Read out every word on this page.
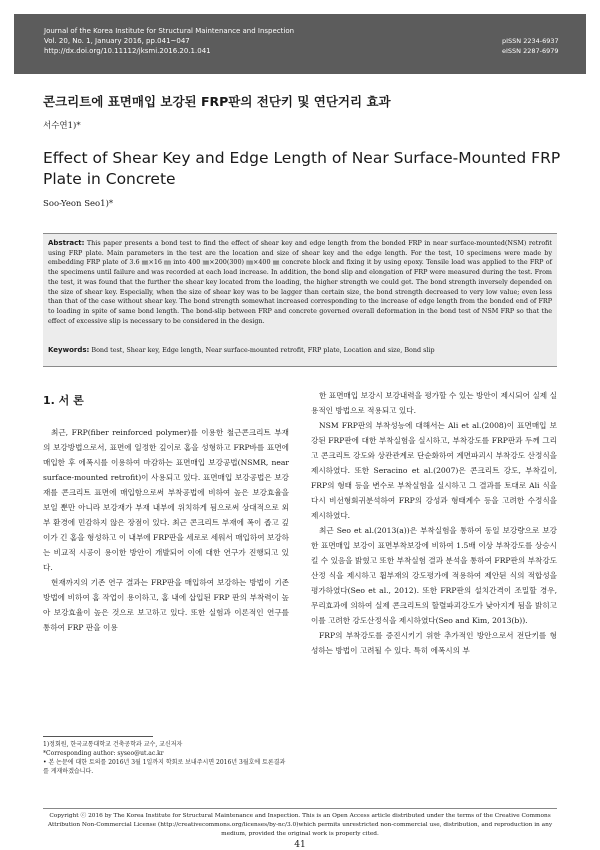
Journal of the Korea Institute for Structural Maintenance and Inspection
Vol. 20, No. 1, January 2016, pp.041~047
http://dx.doi.org/10.11112/jksmi.2016.20.1.041
pISSN 2234-6937
eISSN 2287-6979
콘크리트에 표면매입 보강된 FRP판의 전단키 및 연단거리 효과
서수연1)*
Effect of Shear Key and Edge Length of Near Surface-Mounted FRP Plate in Concrete
Soo-Yeon Seo1)*
Abstract: This paper presents a bond test to find the effect of shear key and edge length from the bonded FRP in near surface-mounted(NSM) retrofit using FRP plate. Main parameters in the test are the location and size of shear key and the edge length. For the test, 10 specimens were made by embedding FRP plate of 3.6 ㎜×16 ㎜ into 400 ㎜×200(300) ㎜×400 ㎜ concrete block and fixing it by using epoxy. Tensile load was applied to the FRP of the specimens until failure and was recorded at each load increase. In addition, the bond slip and elongation of FRP were measured during the test. From the test, it was found that the further the shear key located from the loading, the higher strength we could get. The bond strength inversely depended on the size of shear key. Especially, when the size of shear key was to be lagger than certain size, the bond strength decreased to very low value; even less than that of the case without shear key. The bond strength somewhat increased corresponding to the increase of edge length from the bonded end of FRP to loading in spite of same bond length. The bond-slip between FRP and concrete governed overall deformation in the bond test of NSM FRP so that the effect of excessive slip is necessary to be considered in the design.
Keywords: Bond test, Shear key, Edge length, Near surface-mounted retrofit, FRP plate, Location and size, Bond slip
1. 서 론

최근, FRP(fiber reinforced polymer)를 이용한 철근콘크리트 부재의 보강방법으로서, 표면에 일정한 깊이로 홈을 성형하고 FRP바를 표면에 매입한 후 에폭시를 이용하여 마감하는 표면매입 보강공법(NSMR, near surface-mounted retrofit)이 사용되고 있다. 표면매입 보강공법은 보강재를 콘크리트 표면에 매입함으로써 부착공법에 비하여 높은 보강효율을 보일 뿐만 아니라 보강재가 부재 내부에 위치하게 됨으로써 상대적으로 외부 환경에 민감하지 않은 장점이 있다. 최근 콘크리트 부재에 폭이 좁고 깊이가 긴 홈을 형성하고 이 내부에 FRP판을 세로로 세워서 매입하여 보강하는 비교적 시공이 용이한 방안이 개발되어 이에 대한 연구가 진행되고 있다.

현재까지의 기존 연구 결과는 FRP판을 매입하여 보강하는 방법이 기존 방법에 비하여 홈 작업이 용이하고, 홈 내에 삽입된 FRP 판의 부착력이 높아 보강효율이 높은 것으로 보고하고 있다. 또한 실험과 이론적인 연구를 통하여 FRP 판을 이용

한 표면매입 보강시 보강내력을 평가할 수 있는 방안이 제시되어 실제 실용적인 방법으로 적용되고 있다.

NSM FRP판의 부착성능에 대해서는 Ali et al.(2008)이 표면매입 보강된 FRP판에 대한 부착실험을 실시하고, 부착강도를 FRP판과 두께 그리고 콘크리트 강도와 상관관계로 단순화하여 계면파괴시 부착강도 산정식을 제시하였다. 또한 Seracino et al.(2007)은 콘크리트 강도, 부착길이, FRP의 형태 등을 변수로 부착실험을 실시하고 그 결과를 토대로 Ali 식을 다시 비선형회귀분석하여 FRP의 강성과 형태계수 등을 고려한 수정식을 제시하였다.

최근 Seo et al.(2013(a))은 부착실험을 통하여 동일 보강량으로 보강한 표면매입 보강이 표면부착보강에 비하여 1.5배 이상 부착강도를 상승시킬 수 있음을 밝혔고 또한 부착실험 결과 분석을 통하여 FRP판의 부착강도 산정 식을 제시하고 휨부재의 강도평가에 적용하여 제안된 식의 적합성을 평가하였다(Seo et al., 2012). 또한 FRP판의 설치간격이 조밀할 경우, 무리효과에 의하여 실제 콘크리트의 할렬파괴강도가 낮아지게 됨을 밝히고 이를 고려한 강도산정식을 제시하였다(Seo and Kim, 2013(b)).

FRP의 부착강도를 증진시키기 위한 추가적인 방안으로서 전단키를 형성하는 방법이 고려될 수 있다. 특히 에폭시의 부

1)정회원, 한국교통대학교 건축공학과 교수, 교신저자
*Corresponding author: syseo@ut.ac.kr
• 본 논문에 대한 토의를 2016년 3월 1일까지 학회로 보내주시면 2016년 3월호에 토론결과를 게재하겠습니다.
Copyright ⓒ 2016 by The Korea Institute for Structural Maintenance and Inspection. This is an Open Access article distributed under the terms of the Creative Commons Attribution Non-Commercial License (http://creativecommons.org/licenses/by-nc/3.0)which permits unrestricted non-commercial use, distribution, and reproduction in any medium, provided the original work is properly cited.
41
